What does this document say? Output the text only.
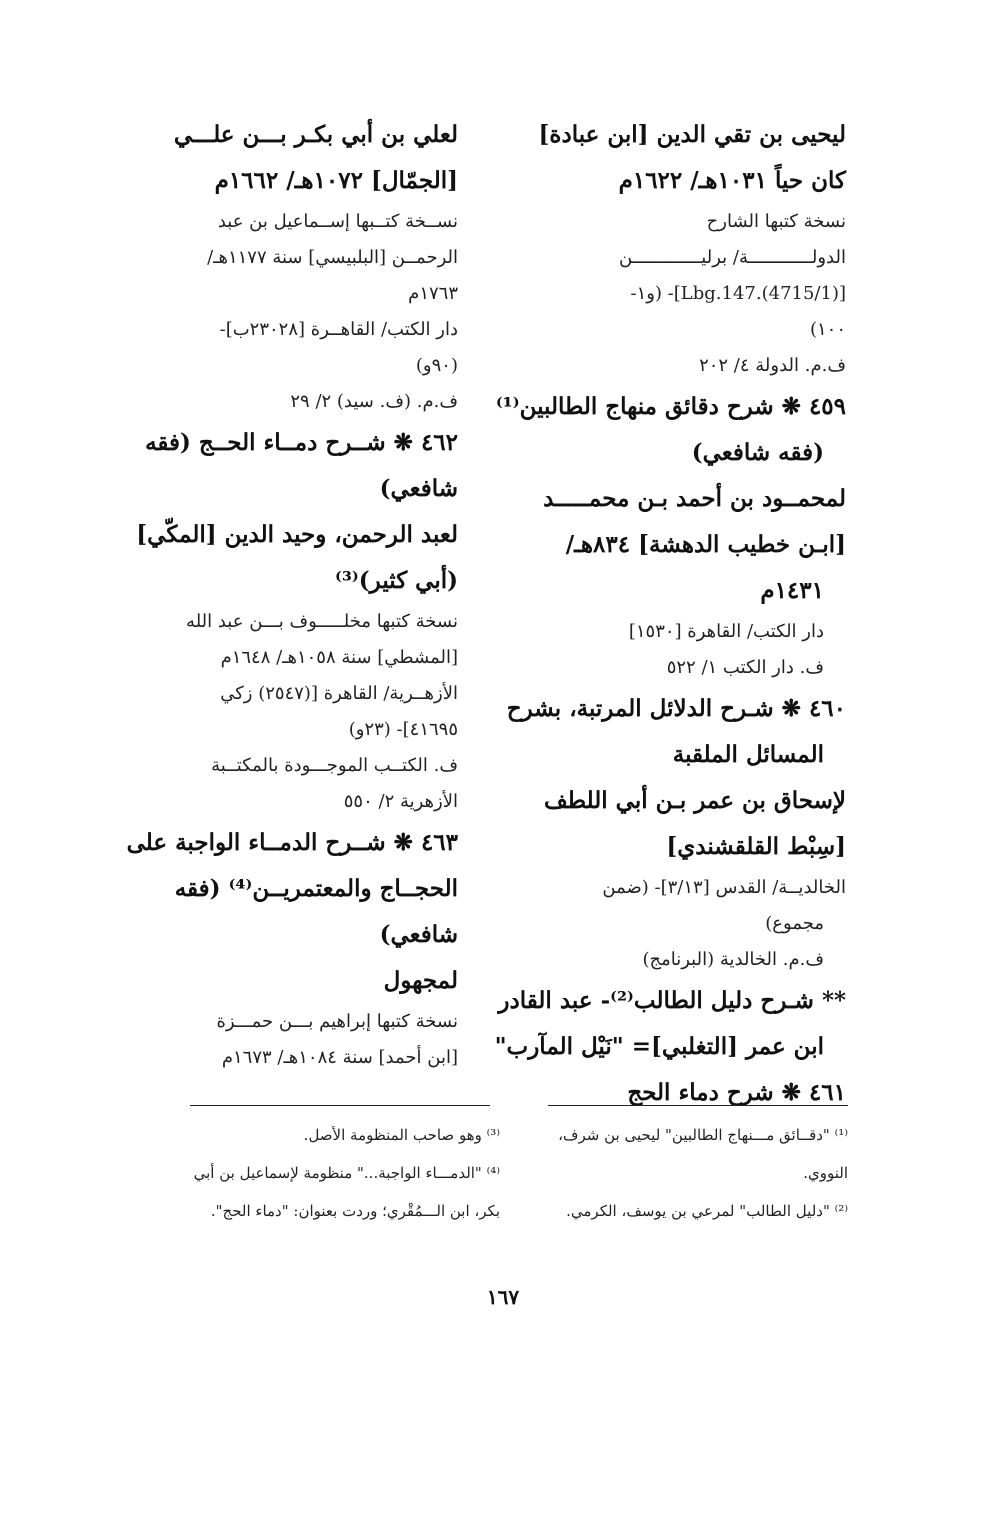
ليحيى بن تقي الدين [ابن عبادة]
كان حياً ١٠٣١هـ/ ١٦٢٢م
نسخة كتبها الشارح
الدولــــــــــــة/ برليـــــــــــــن
[Lbg.147.(4715/1)]- (و١-
١٠٠)
ف.م. الدولة ٤/ ٢٠٢
٤٥٩ ❋ شرح دقائق منهاج الطالبين⁽¹⁾
(فقه شافعي)
لمحمــود بن أحمد بـن محمـــــد
[ابـن خطيب الدهشة] ٨٣٤هـ/
١٤٣١م
دار الكتب/ القاهرة [١٥٣٠]
ف. دار الكتب ١/ ٥٢٢
٤٦٠ ❋ شـرح الدلائل المرتبة، بشرح
المسائل الملقبة
لإسحاق بن عمر بـن أبي اللطف
[سِبْط القلقشندي]
الخالديــة/ القدس [٣/١٣]- (ضمن
مجموع)
ف.م. الخالدية (البرنامج)
** شـرح دليل الطالب⁽²⁾- عبد القادر
ابن عمر [التغلبي]= "نَيْل المآرب"
٤٦١ ❋ شرح دماء الحج
لعلي بن أبي بكـر بـــن علـــي
[الجمّال] ١٠٧٢هـ/ ١٦٦٢م
نســخة كتــبها إســماعيل بن عبد
الرحمــن [البلبيسي] سنة ١١٧٧هـ/
١٧٦٣م
دار الكتب/ القاهــرة [٢٣٠٢٨ب]-
(٩٠و)
ف.م. (ف. سيد) ٢/ ٢٩
٤٦٢ ❋ شــرح دمــاء الحــج (فقه
شافعي)
لعبد الرحمن، وحيد الدين [المكّي]
(أبي كثير)⁽³⁾
نسخة كتبها مخلـــــوف بـــن عبد الله
[المشطي] سنة ١٠٥٨هـ/ ١٦٤٨م
الأزهــرية/ القاهرة [(٢٥٤٧) زكي
٤١٦٩٥]- (٢٣و)
ف. الكتــب الموجـــودة بالمكتــبة
الأزهرية ٢/ ٥٥٠
٤٦٣ ❋ شــرح الدمــاء الواجبة على
الحجــاج والمعتمريــن⁽⁴⁾ (فقه
شافعي)
لمجهول
نسخة كتبها إبراهيم بـــن حمـــزة
[ابن أحمد] سنة ١٠٨٤هـ/ ١٦٧٣م
⁽¹⁾ "دقــائق مـــنهاج الطالبين" ليحيى بن شرف،
النووي.
⁽²⁾ "دليل الطالب" لمرعي بن يوسف، الكرمي.
⁽³⁾ وهو صاحب المنظومة الأصل.
⁽⁴⁾ "الدمـــاء الواجبة..." منظومة لإسماعيل بن أبي
بكر، ابن الـــمُقْري؛ وردت بعنوان: "دماء الحج".
١٦٧
